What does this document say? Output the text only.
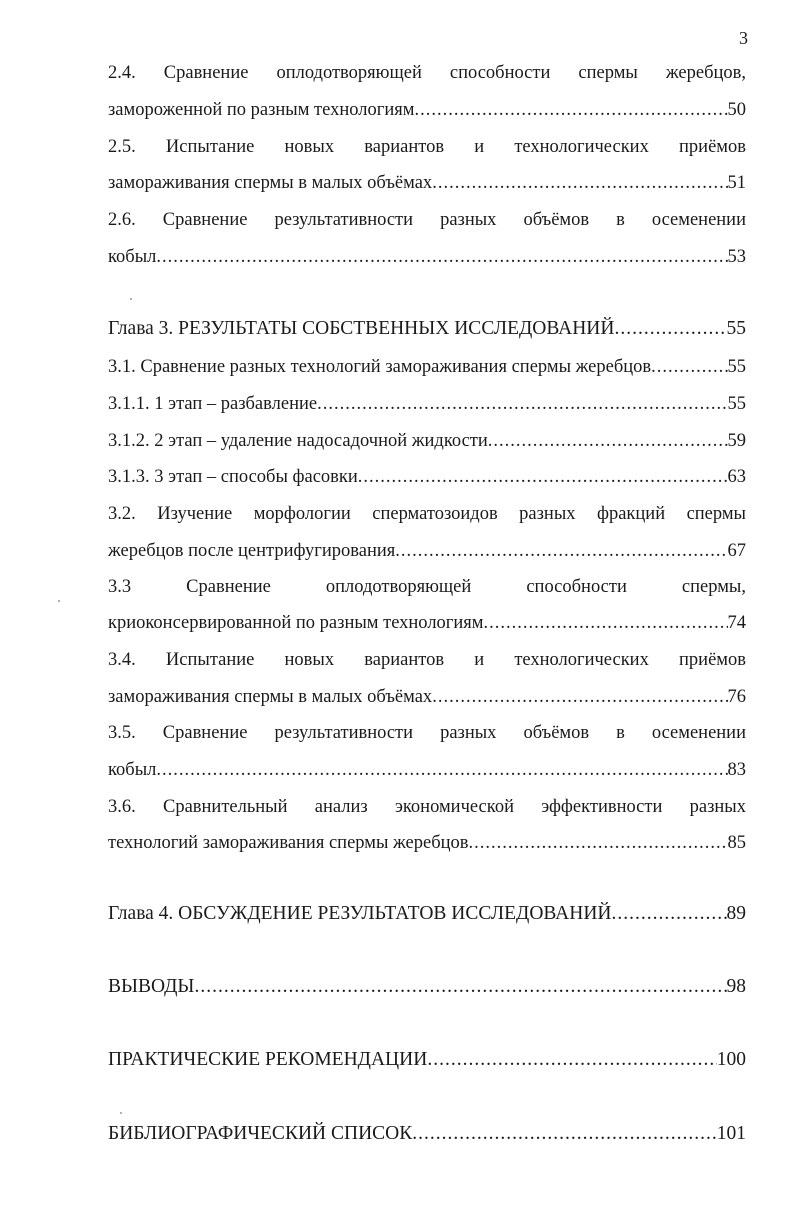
3
2.4. Сравнение оплодотворяющей способности спермы жеребцов,
замороженной по разным технологиям .....	50
2.5. Испытание новых вариантов и технологических приёмов
замораживания спермы в малых объёмах .....	51
2.6. Сравнение результативности разных объёмов в осеменении
кобыл .....	53
Глава 3. РЕЗУЛЬТАТЫ СОБСТВЕННЫХ ИССЛЕДОВАНИЙ .....	55
3.1. Сравнение разных технологий замораживания спермы жеребцов .....	55
3.1.1. 1 этап – разбавление .....	55
3.1.2. 2 этап – удаление надосадочной жидкости .....	59
3.1.3. 3 этап – способы фасовки .....	63
3.2. Изучение морфологии сперматозоидов разных фракций спермы
жеребцов после центрифугирования .....	67
3.3	Сравнение	оплодотворяющей	способности	спермы,
криоконсервированной по разным технологиям .....	74
3.4. Испытание новых вариантов и технологических приёмов
замораживания спермы в малых объёмах .....	76
3.5. Сравнение результативности разных объёмов в осеменении
кобыл .....	83
3.6. Сравнительный анализ экономической эффективности разных
технологий замораживания спермы жеребцов .....	85
Глава 4. ОБСУЖДЕНИЕ РЕЗУЛЬТАТОВ ИССЛЕДОВАНИЙ .....	89
ВЫВОДЫ .....	98
ПРАКТИЧЕСКИЕ РЕКОМЕНДАЦИИ .....	100
БИБЛИОГРАФИЧЕСКИЙ СПИСОК .....	101
